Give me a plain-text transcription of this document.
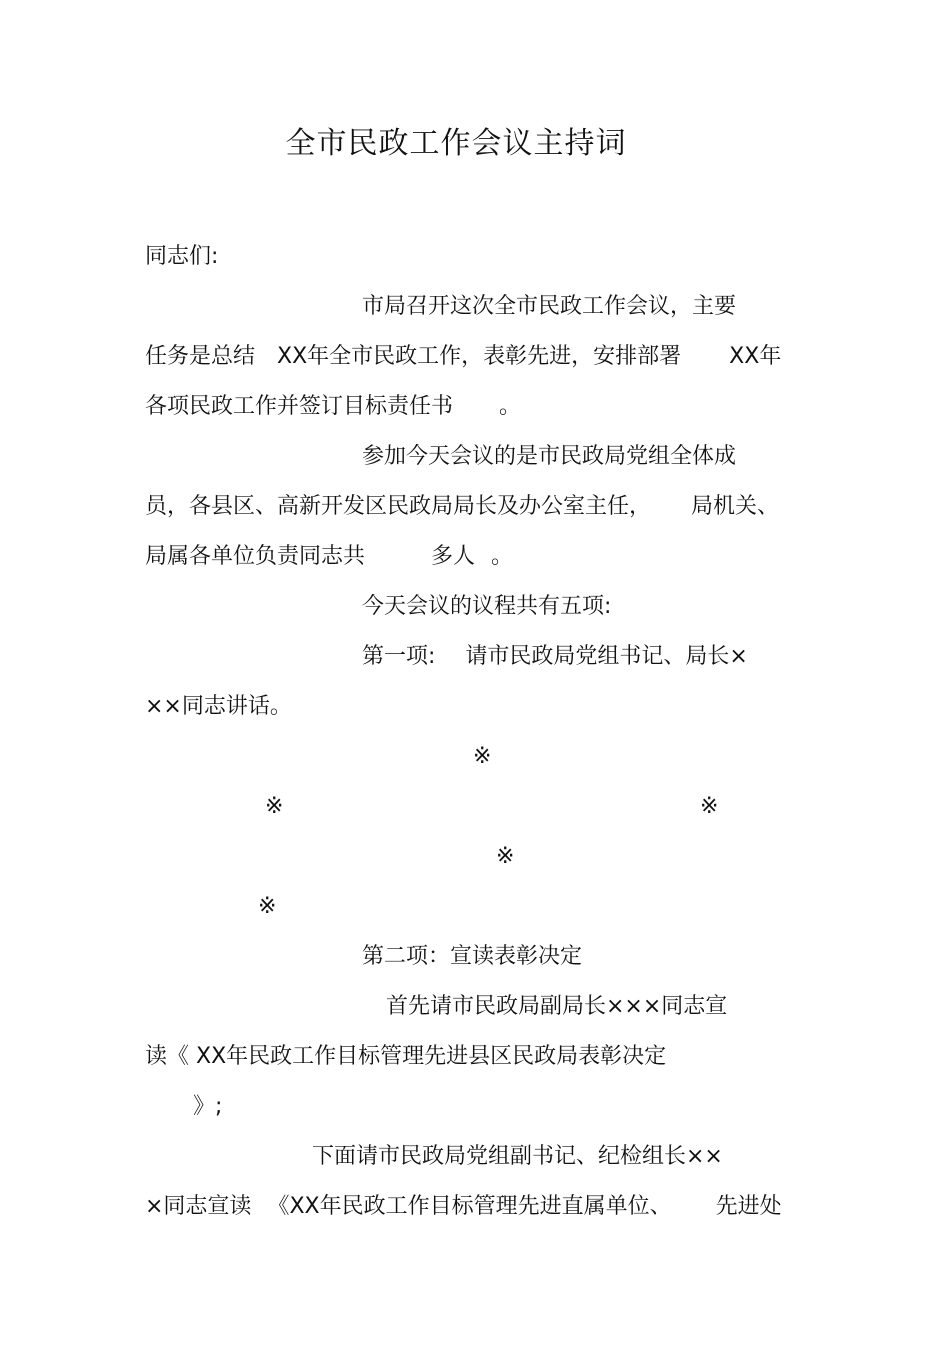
全市民政工作会议主持词
同志们:
市局召开这次全市民政工作会议，主要
任务是总结 XX年全市民政工作，表彰先进，安排部署 XX年
各项民政工作并签订目标责任书 。
参加今天会议的是市民政局党组全体成
员，各县区、高新开发区民政局局长及办公室主任， 局机关、
局属各单位负责同志共	多人 。
今天会议的议程共有五项:
第一项: 请市民政局党组书记、局长×
××同志讲话。
※
※	※
※
※
第二项：宣读表彰决定
首先请市民政局副局长×××同志宣
读《 XX年民政工作目标管理先进县区民政局表彰决定
》;
下面请市民政局党组副书记、纪检组长××
×同志宣读 《XX年民政工作目标管理先进直属单位、 先进处
